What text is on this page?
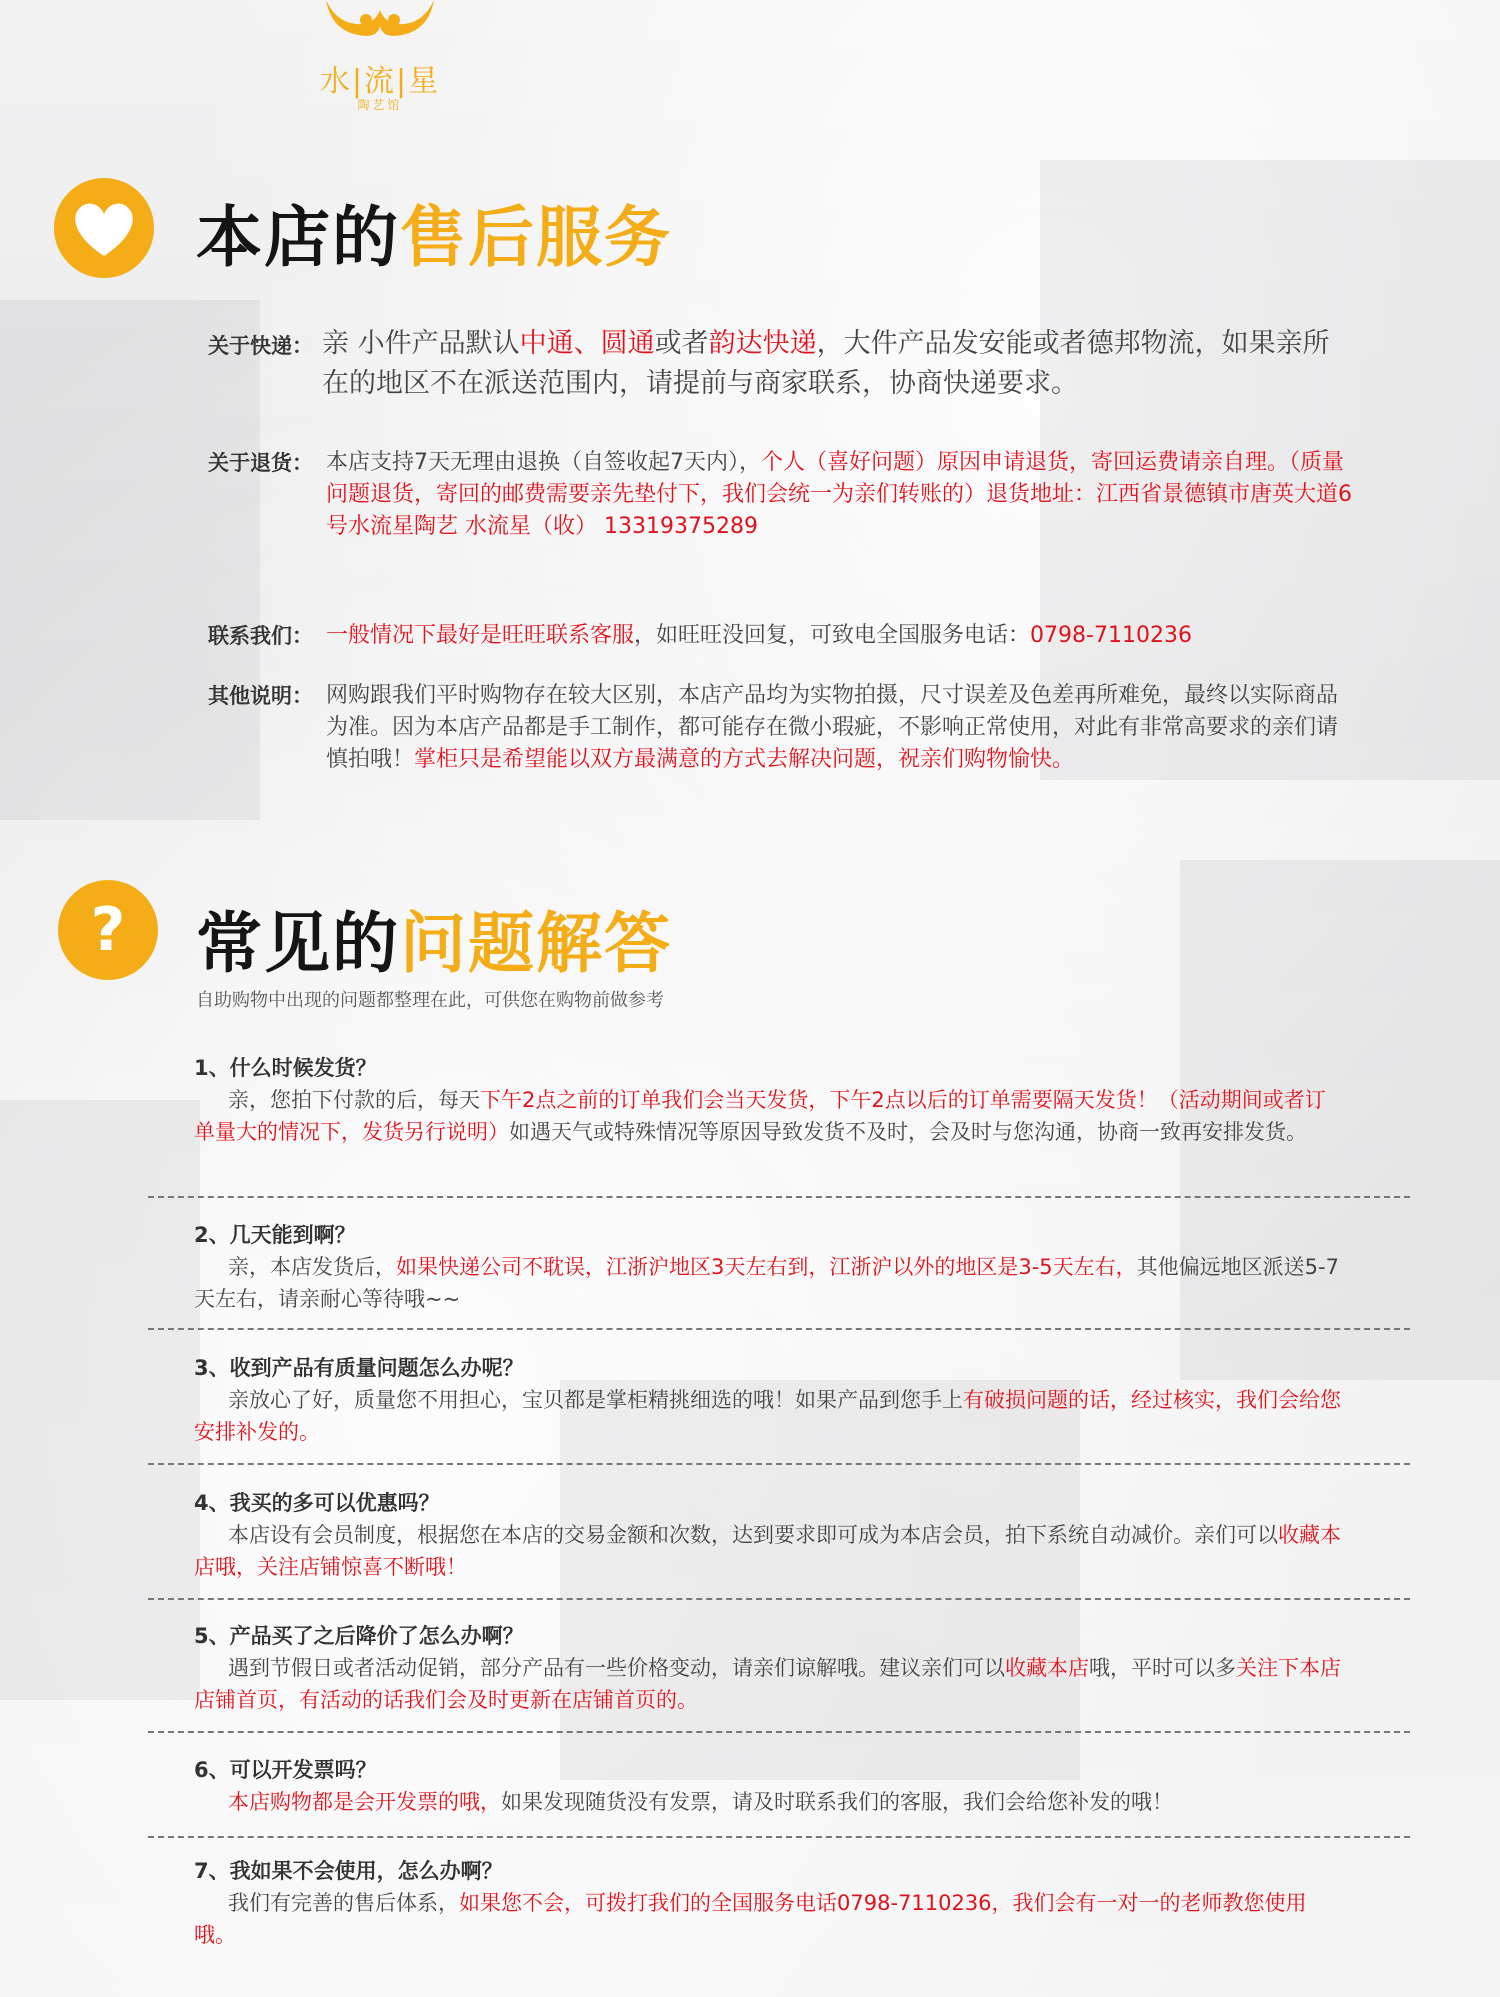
水|流|星
陶艺馆
本店的售后服务
关于快递： 亲 小件产品默认中通、圆通或者韵达快递，大件产品发安能或者德邦物流，如果亲所在的地区不在派送范围内，请提前与商家联系，协商快递要求。
关于退货： 本店支持7天无理由退换（自签收起7天内），个人（喜好问题）原因申请退货，寄回运费请亲自理。（质量问题退货，寄回的邮费需要亲先垫付下，我们会统一为亲们转账的）退货地址：江西省景德镇市唐英大道6号水流星陶艺 水流星（收） 13319375289
联系我们： 一般情况下最好是旺旺联系客服，如旺旺没回复，可致电全国服务电话：0798-7110236
其他说明： 网购跟我们平时购物存在较大区别，本店产品均为实物拍摄，尺寸误差及色差再所难免，最终以实际商品为准。因为本店产品都是手工制作，都可能存在微小瑕疵，不影响正常使用，对此有非常高要求的亲们请慎拍哦！掌柜只是希望能以双方最满意的方式去解决问题，祝亲们购物愉快。
? 常见的问题解答
自助购物中出现的问题都整理在此，可供您在购物前做参考
1、什么时候发货？
亲，您拍下付款的后，每天下午2点之前的订单我们会当天发货，下午2点以后的订单需要隔天发货！（活动期间或者订单量大的情况下，发货另行说明）如遇天气或特殊情况等原因导致发货不及时，会及时与您沟通，协商一致再安排发货。
2、几天能到啊？
亲，本店发货后，如果快递公司不耽误，江浙沪地区3天左右到，江浙沪以外的地区是3-5天左右，其他偏远地区派送5-7天左右，请亲耐心等待哦~~
3、收到产品有质量问题怎么办呢？
亲放心了好，质量您不用担心，宝贝都是掌柜精挑细选的哦！如果产品到您手上有破损问题的话，经过核实，我们会给您安排补发的。
4、我买的多可以优惠吗？
本店设有会员制度，根据您在本店的交易金额和次数，达到要求即可成为本店会员，拍下系统自动减价。亲们可以收藏本店哦，关注店铺惊喜不断哦！
5、产品买了之后降价了怎么办啊？
遇到节假日或者活动促销，部分产品有一些价格变动，请亲们谅解哦。建议亲们可以收藏本店哦，平时可以多关注下本店店铺首页，有活动的话我们会及时更新在店铺首页的。
6、可以开发票吗？
本店购物都是会开发票的哦，如果发现随货没有发票，请及时联系我们的客服，我们会给您补发的哦！
7、我如果不会使用，怎么办啊？
我们有完善的售后体系，如果您不会，可拨打我们的全国服务电话0798-7110236，我们会有一对一的老师教您使用哦。
